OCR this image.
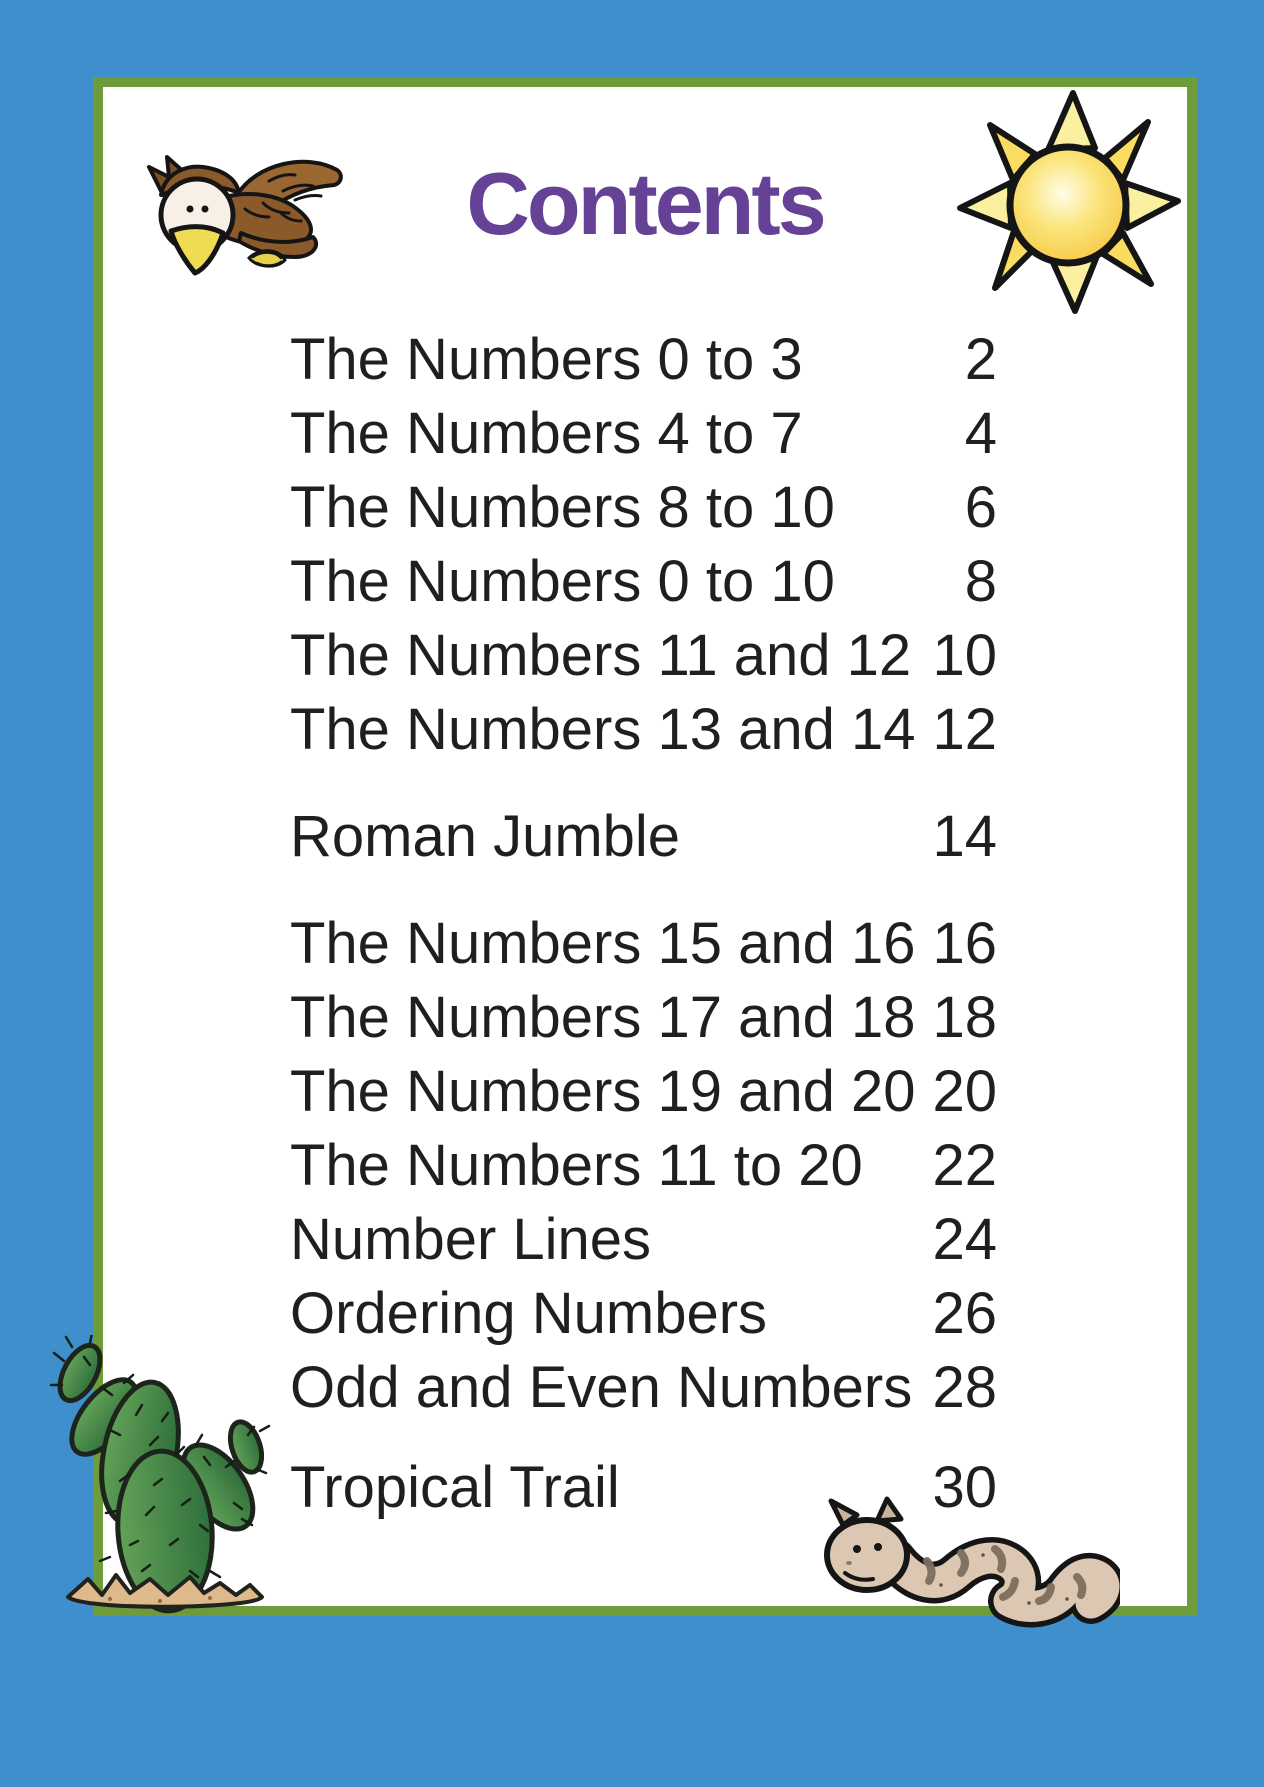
Contents
The Numbers 0 to 3	2
The Numbers 4 to 7	4
The Numbers 8 to 10 6
The Numbers 0 to 10 8
The Numbers 11 and 12 10
The Numbers 13 and 14 12
Roman Jumble	14
The Numbers 15 and 16 16
The Numbers 17 and 18 18
The Numbers 19 and 20 20
The Numbers 11 to 20 22
Number Lines	24
Ordering Numbers	26
Odd and Even Numbers 28
Tropical Trail	30
